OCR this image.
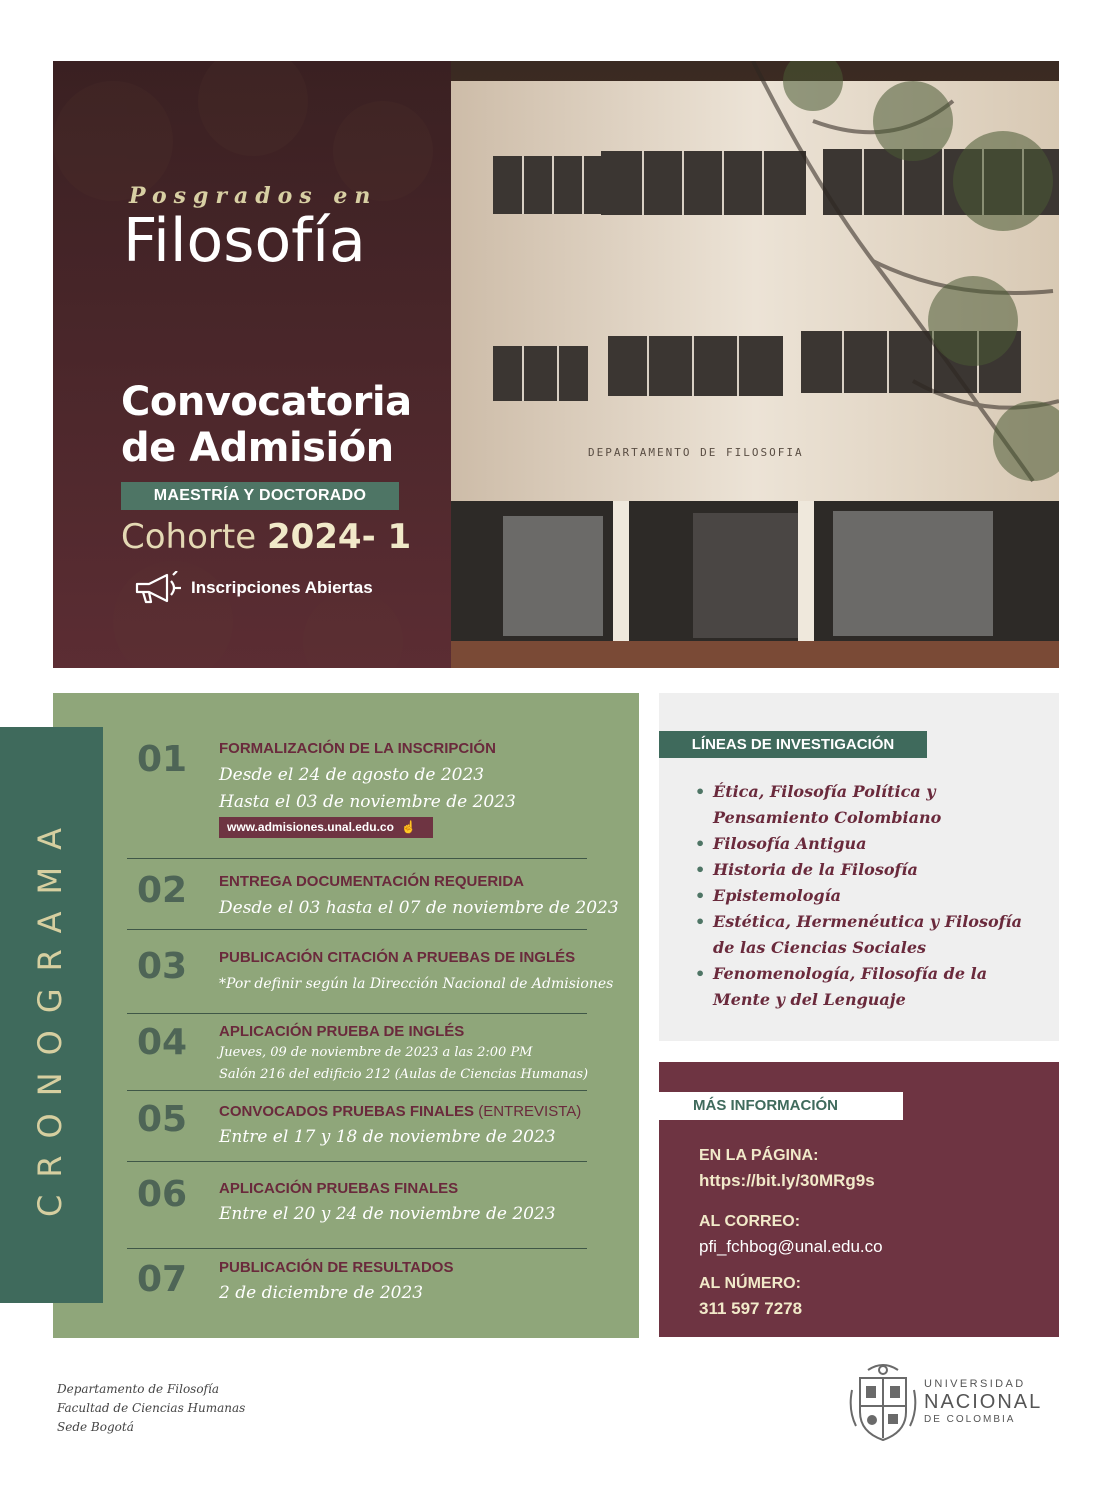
DEPARTAMENTO DE FILOSOFIA
Posgrados en
Filosofía
Convocatoria
de Admisión
MAESTRÍA Y DOCTORADO
Cohorte 2024- 1
Inscripciones Abiertas
CRONOGRAMA
01 FORMALIZACIÓN DE LA INSCRIPCIÓN
Desde el 24 de agosto de 2023
Hasta el 03 de noviembre de 2023
www.admisiones.unal.edu.co ☝
02 ENTREGA DOCUMENTACIÓN REQUERIDA
Desde el 03 hasta el 07 de noviembre de 2023
03 PUBLICACIÓN CITACIÓN A PRUEBAS DE INGLÉS
*Por definir según la Dirección Nacional de Admisiones
04 APLICACIÓN PRUEBA DE INGLÉS
Jueves, 09 de noviembre de 2023 a las 2:00 PM
Salón 216 del edificio 212 (Aulas de Ciencias Humanas)
05 CONVOCADOS PRUEBAS FINALES (ENTREVISTA)
Entre el 17 y 18 de noviembre de 2023
06 APLICACIÓN PRUEBAS FINALES
Entre el 20 y 24 de noviembre de 2023
07 PUBLICACIÓN DE RESULTADOS
2 de diciembre de 2023
LÍNEAS DE INVESTIGACIÓN
• Ética, Filosofía Política y Pensamiento Colombiano
• Filosofía Antigua
• Historia de la Filosofía
• Epistemología
• Estética, Hermenéutica y Filosofía de las Ciencias Sociales
• Fenomenología, Filosofía de la Mente y del Lenguaje
MÁS INFORMACIÓN
EN LA PÁGINA:
https://bit.ly/30MRg9s
AL CORREO:
pfi_fchbog@unal.edu.co
AL NÚMERO:
311 597 7278
Departamento de Filosofía
Facultad de Ciencias Humanas
Sede Bogotá
UNIVERSIDAD
NACIONAL
DE COLOMBIA
